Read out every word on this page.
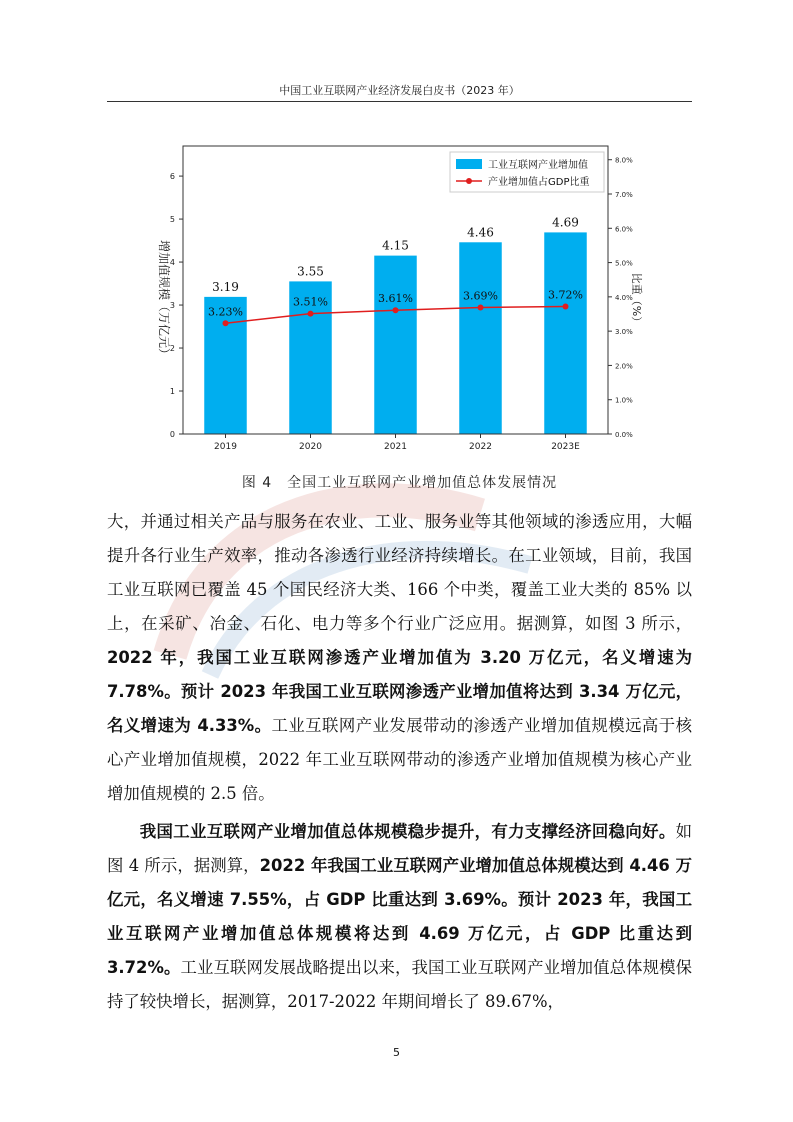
中国工业互联网产业经济发展白皮书（2023 年）
3.19
3.55
4.15
4.46
4.69
3.23%
3.51%	3.61%	3.69%	3.72%
0
1
2
3
4
5
6
0.0%
1.0%
2.0%
3.0%
4.0%
5.0%
6.0%
7.0%
8.0%
2019	2020	2021	2022	2023E
工业互联网产业增加值
产业增加值占GDP比重
增加值规模（万亿元）	比重（%）
图 4　全国工业互联网产业增加值总体发展情况

大，并通过相关产品与服务在农业、工业、服务业等其他领域的渗透应用，大幅提升各行业生产效率，推动各渗透行业经济持续增长。在工业领域，目前，我国工业互联网已覆盖 45 个国民经济大类、166 个中类，覆盖工业大类的 85% 以上，在采矿、冶金、石化、电力等多个行业广泛应用。据测算，如图 3 所示，2022 年，我国工业互联网渗透产业增加值为 3.20 万亿元，名义增速为 7.78%。预计 2023 年我国工业互联网渗透产业增加值将达到 3.34 万亿元，名义增速为 4.33%。工业互联网产业发展带动的渗透产业增加值规模远高于核心产业增加值规模，2022 年工业互联网带动的渗透产业增加值规模为核心产业增加值规模的 2.5 倍。

我国工业互联网产业增加值总体规模稳步提升，有力支撑经济回稳向好。如图 4 所示，据测算，2022 年我国工业互联网产业增加值总体规模达到 4.46 万亿元，名义增速 7.55%，占 GDP 比重达到 3.69%。预计 2023 年，我国工业互联网产业增加值总体规模将达到 4.69 万亿元，占 GDP 比重达到 3.72%。工业互联网发展战略提出以来，我国工业互联网产业增加值总体规模保持了较快增长，据测算，2017-2022 年期间增长了 89.67%，

5
